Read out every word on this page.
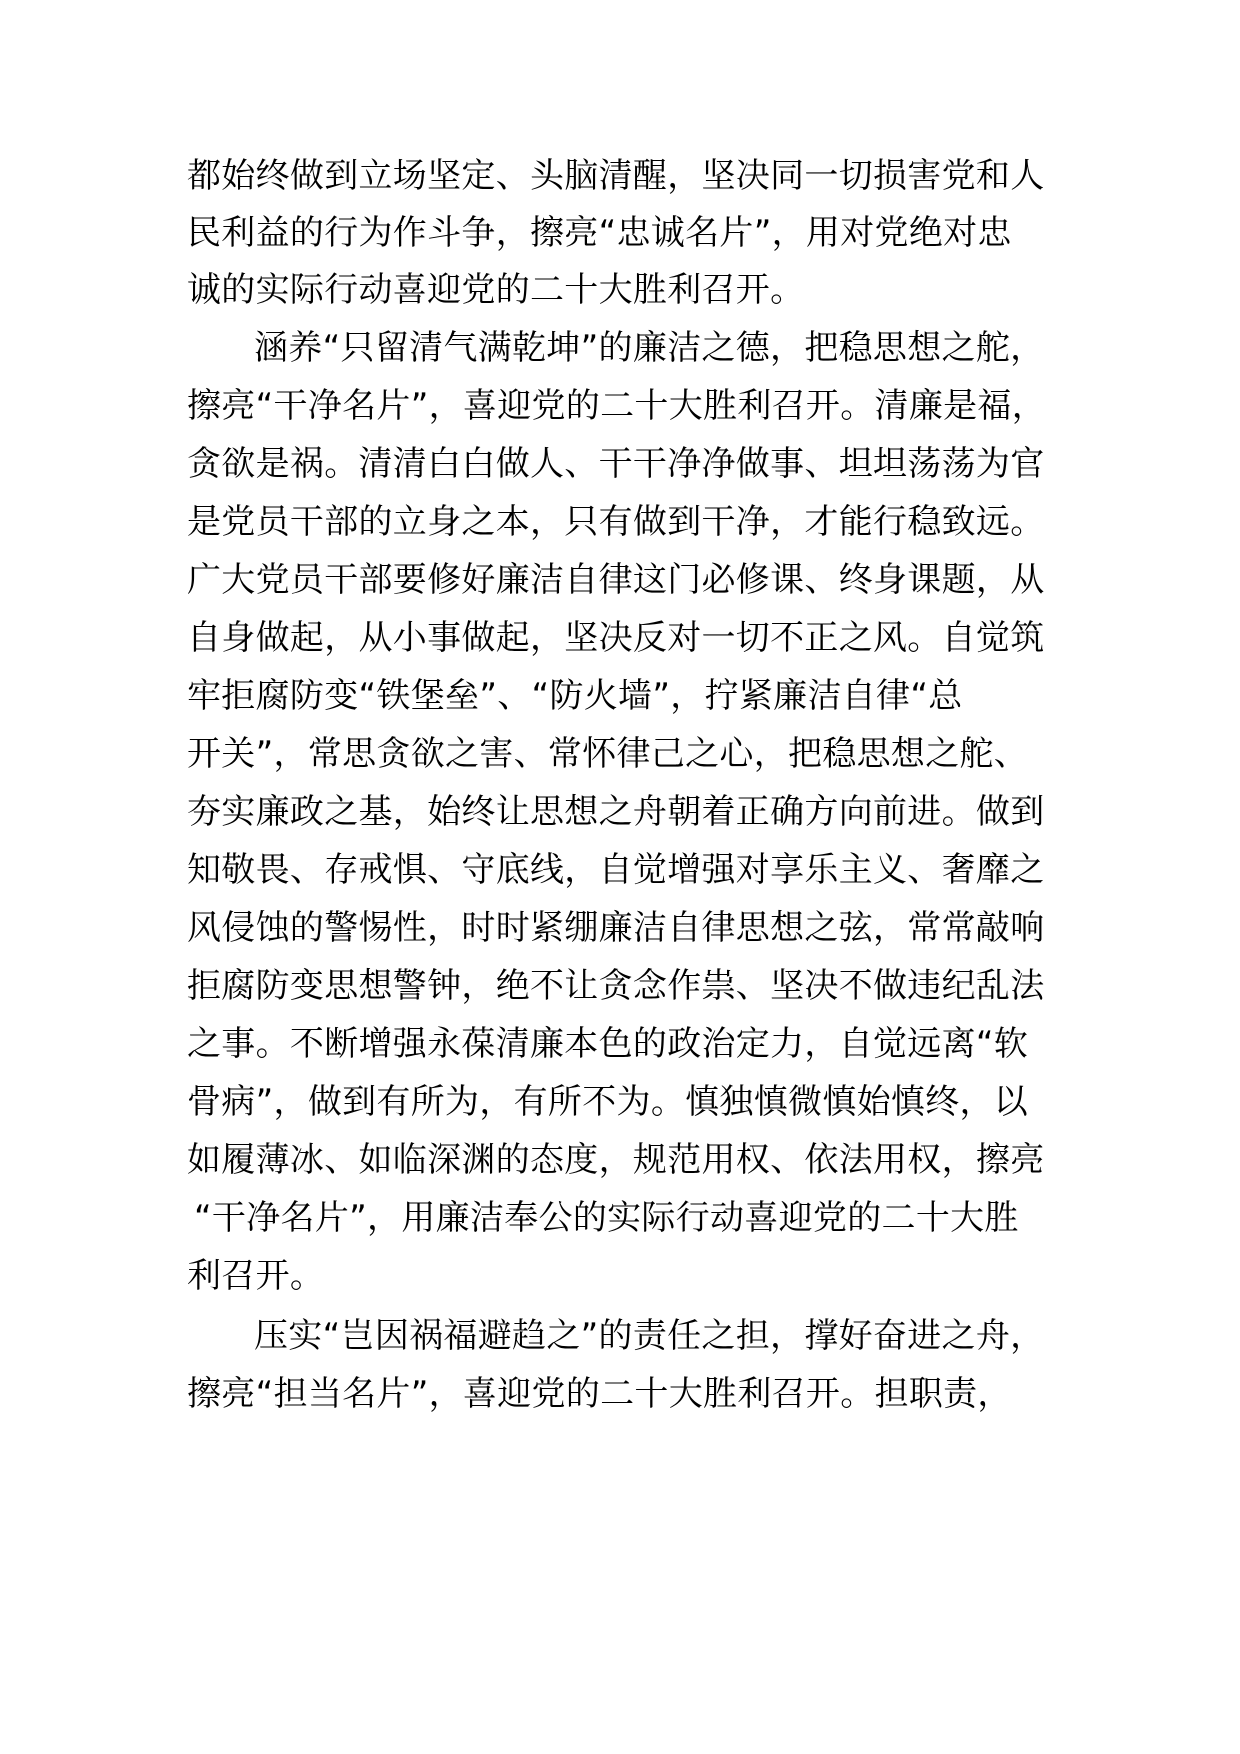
都始终做到立场坚定、头脑清醒，坚决同一切损害党和人
民利益的行为作斗争，擦亮“忠诚名片”，用对党绝对忠
诚的实际行动喜迎党的二十大胜利召开。
涵养“只留清气满乾坤”的廉洁之德，把稳思想之舵，
擦亮“干净名片”，喜迎党的二十大胜利召开。清廉是福，
贪欲是祸。清清白白做人、干干净净做事、坦坦荡荡为官
是党员干部的立身之本，只有做到干净，才能行稳致远。
广大党员干部要修好廉洁自律这门必修课、终身课题，从
自身做起，从小事做起，坚决反对一切不正之风。自觉筑
牢拒腐防变“铁堡垒”、“防火墙”，拧紧廉洁自律“总
开关”，常思贪欲之害、常怀律己之心，把稳思想之舵、
夯实廉政之基，始终让思想之舟朝着正确方向前进。做到
知敬畏、存戒惧、守底线，自觉增强对享乐主义、奢靡之
风侵蚀的警惕性，时时紧绷廉洁自律思想之弦，常常敲响
拒腐防变思想警钟，绝不让贪念作祟、坚决不做违纪乱法
之事。不断增强永葆清廉本色的政治定力，自觉远离“软
骨病”，做到有所为，有所不为。慎独慎微慎始慎终，以
如履薄冰、如临深渊的态度，规范用权、依法用权，擦亮
“干净名片”，用廉洁奉公的实际行动喜迎党的二十大胜
利召开。
压实“岂因祸福避趋之”的责任之担，撑好奋进之舟，
擦亮“担当名片”，喜迎党的二十大胜利召开。担职责，
